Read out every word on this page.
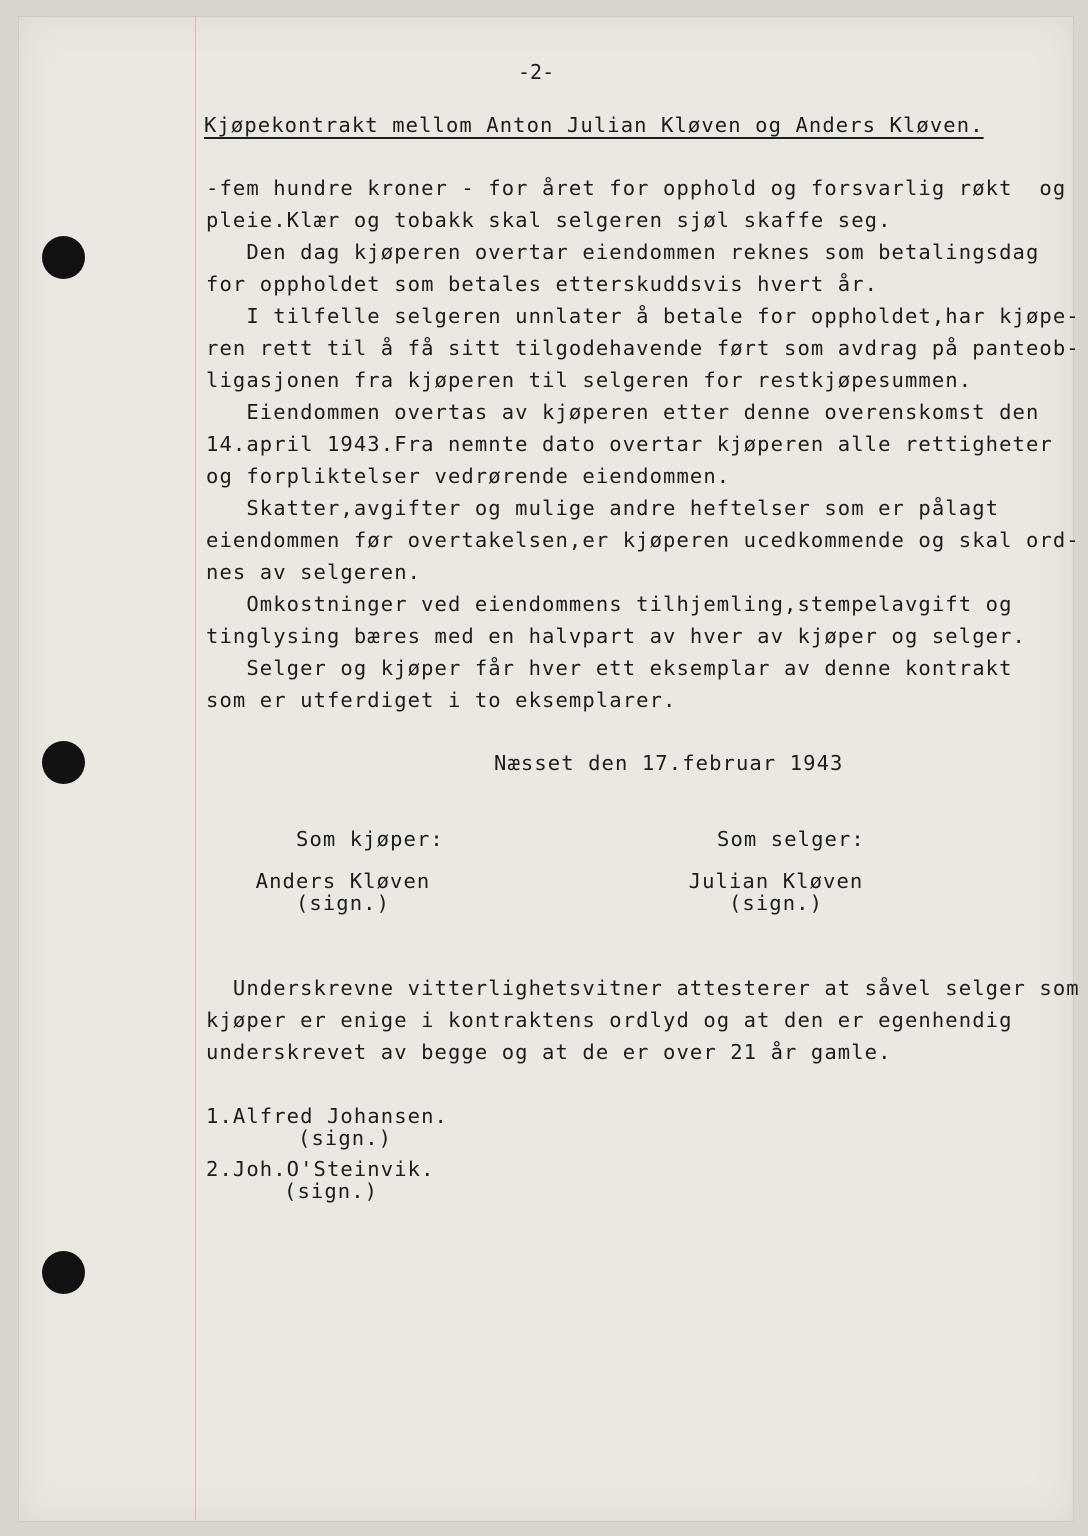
-2-
Kjøpekontrakt mellom Anton Julian Kløven og Anders Kløven.
-fem hundre kroner - for året for opphold og forsvarlig røkt  og
pleie.Klær og tobakk skal selgeren sjøl skaffe seg.
Den dag kjøperen overtar eiendommen reknes som betalingsdag
for oppholdet som betales etterskuddsvis hvert år.
I tilfelle selgeren unnlater å betale for oppholdet,har kjøpe-
ren rett til å få sitt tilgodehavende ført som avdrag på panteob-
ligasjonen fra kjøperen til selgeren for restkjøpesummen.
Eiendommen overtas av kjøperen etter denne overenskomst den
14.april 1943.Fra nemnte dato overtar kjøperen alle rettigheter
og forpliktelser vedrørende eiendommen.
Skatter,avgifter og mulige andre heftelser som er pålagt
eiendommen før overtakelsen,er kjøperen ucedkommende og skal ord-
nes av selgeren.
Omkostninger ved eiendommens tilhjemling,stempelavgift og
tinglysing bæres med en halvpart av hver av kjøper og selger.
Selger og kjøper får hver ett eksemplar av denne kontrakt
som er utferdiget i to eksemplarer.
Næsset den 17.februar 1943
Som kjøper:
Anders Kløven
(sign.)
Som selger:
Julian Kløven
(sign.)
Underskrevne vitterlighetsvitner attesterer at såvel selger som
kjøper er enige i kontraktens ordlyd og at den er egenhendig
underskrevet av begge og at de er over 21 år gamle.
1.Alfred Johansen.
(sign.)
2.Joh.O'Steinvik.
(sign.)
